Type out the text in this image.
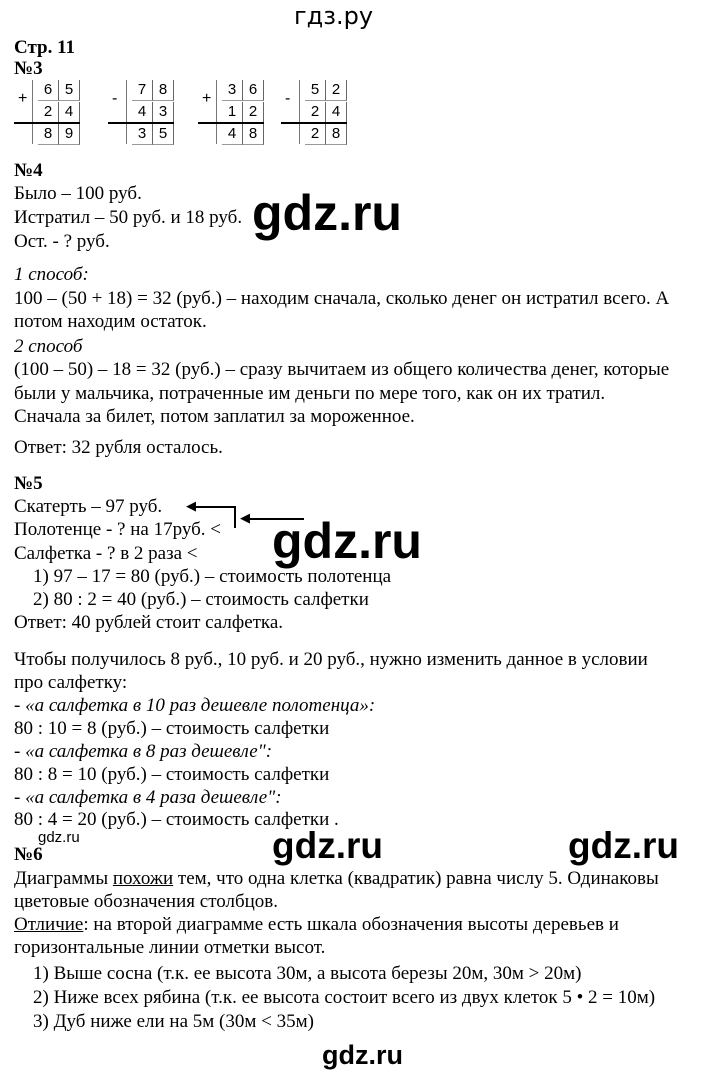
гдз.ру
Стр. 11
№3
+
6 5
2 4
8 9
-
7 8
4 3
3 5
+
3 6
1 2
4 8
-
5 2
2 4
2 8
№4
Было – 100 руб.
Истратил – 50 руб. и 18 руб.
Ост. - ? руб.
gdz.ru
1 способ:
100 – (50 + 18) = 32 (руб.) – находим сначала, сколько денег он истратил всего. А
потом находим остаток.
2 способ
(100 – 50) – 18 = 32 (руб.) – сразу вычитаем из общего количества денег, которые
были у мальчика, потраченные им деньги по мере того, как он их тратил.
Сначала за билет, потом заплатил за мороженное.
Ответ: 32 рубля осталось.
№5
Скатерть – 97 руб.
Полотенце - ? на 17руб. <
Салфетка - ? в 2 раза <
◀
◀ gdz.ru
1) 97 – 17 = 80 (руб.) – стоимость полотенца
2) 80 : 2 = 40 (руб.) – стоимость салфетки
Ответ: 40 рублей стоит салфетка.
Чтобы получилось 8 руб., 10 руб. и 20 руб., нужно изменить данное в условии
про салфетку:
- «а салфетка в 10 раз дешевле полотенца»:
80 : 10 = 8 (руб.) – стоимость салфетки
- «а салфетка в 8 раз дешевле":
80 : 8 = 10 (руб.) – стоимость салфетки
- «а салфетка в 4 раза дешевле":
80 : 4 = 20 (руб.) – стоимость салфетки .
gdz.ru	gdz.ru	gdz.ru
№6
Диаграммы похожи тем, что одна клетка (квадратик) равна числу 5. Одинаковы
цветовые обозначения столбцов.
Отличие: на второй диаграмме есть шкала обозначения высоты деревьев и
горизонтальные линии отметки высот.
1) Выше сосна (т.к. ее высота 30м, а высота березы 20м, 30м > 20м)
2) Ниже всех рябина (т.к. ее высота состоит всего из двух клеток 5 • 2 = 10м)
3) Дуб ниже ели на 5м (30м < 35м)
gdz.ru
